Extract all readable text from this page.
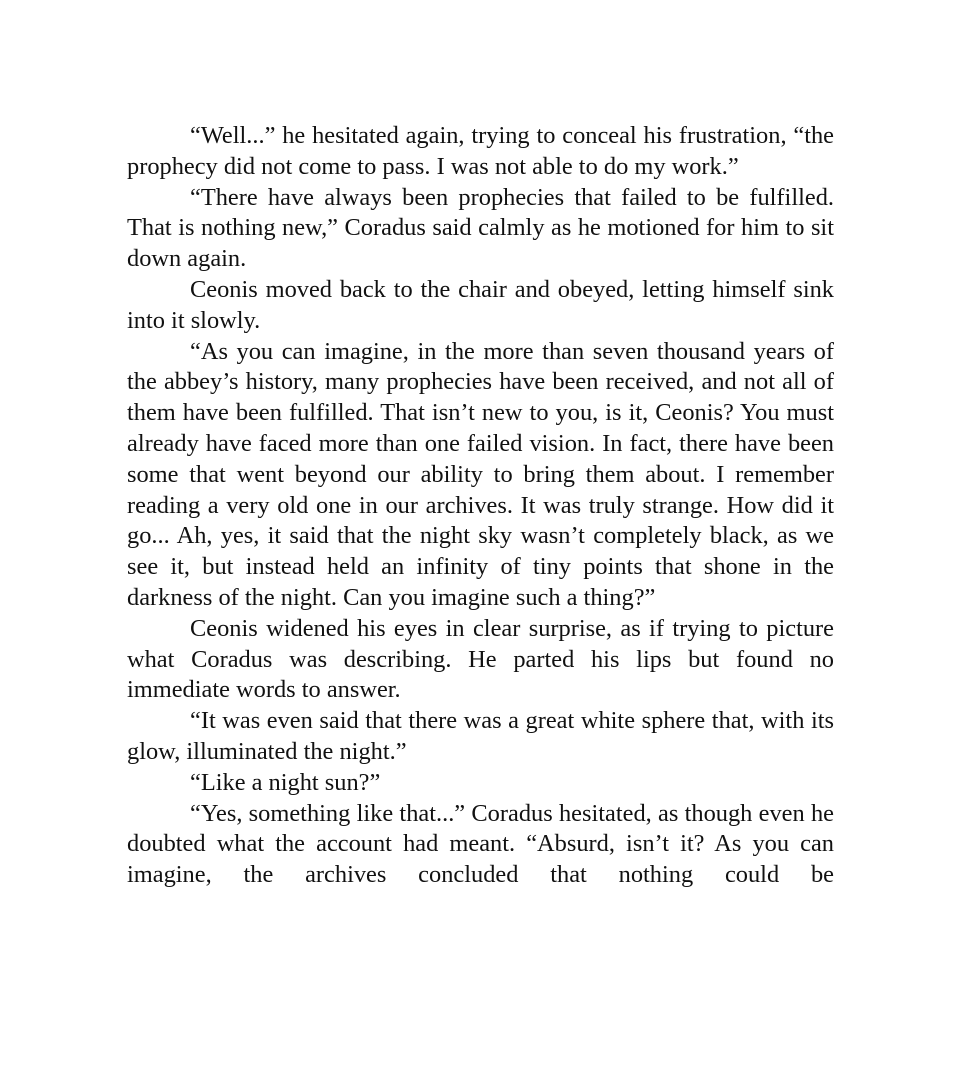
“Well...” he hesitated again, trying to conceal his frustration, “the prophecy did not come to pass. I was not able to do my work.”

“There have always been prophecies that failed to be fulfilled. That is nothing new,” Coradus said calmly as he motioned for him to sit down again.

Ceonis moved back to the chair and obeyed, letting himself sink into it slowly.

“As you can imagine, in the more than seven thousand years of the abbey’s history, many prophecies have been received, and not all of them have been fulfilled. That isn’t new to you, is it, Ceonis? You must already have faced more than one failed vision. In fact, there have been some that went beyond our ability to bring them about. I remember reading a very old one in our archives. It was truly strange. How did it go... Ah, yes, it said that the night sky wasn’t completely black, as we see it, but instead held an infinity of tiny points that shone in the darkness of the night. Can you imagine such a thing?”

Ceonis widened his eyes in clear surprise, as if trying to picture what Coradus was describing. He parted his lips but found no immediate words to answer.

“It was even said that there was a great white sphere that, with its glow, illuminated the night.”

“Like a night sun?”

“Yes, something like that...” Coradus hesitated, as though even he doubted what the account had meant. “Absurd, isn’t it? As you can imagine, the archives concluded that nothing could be
